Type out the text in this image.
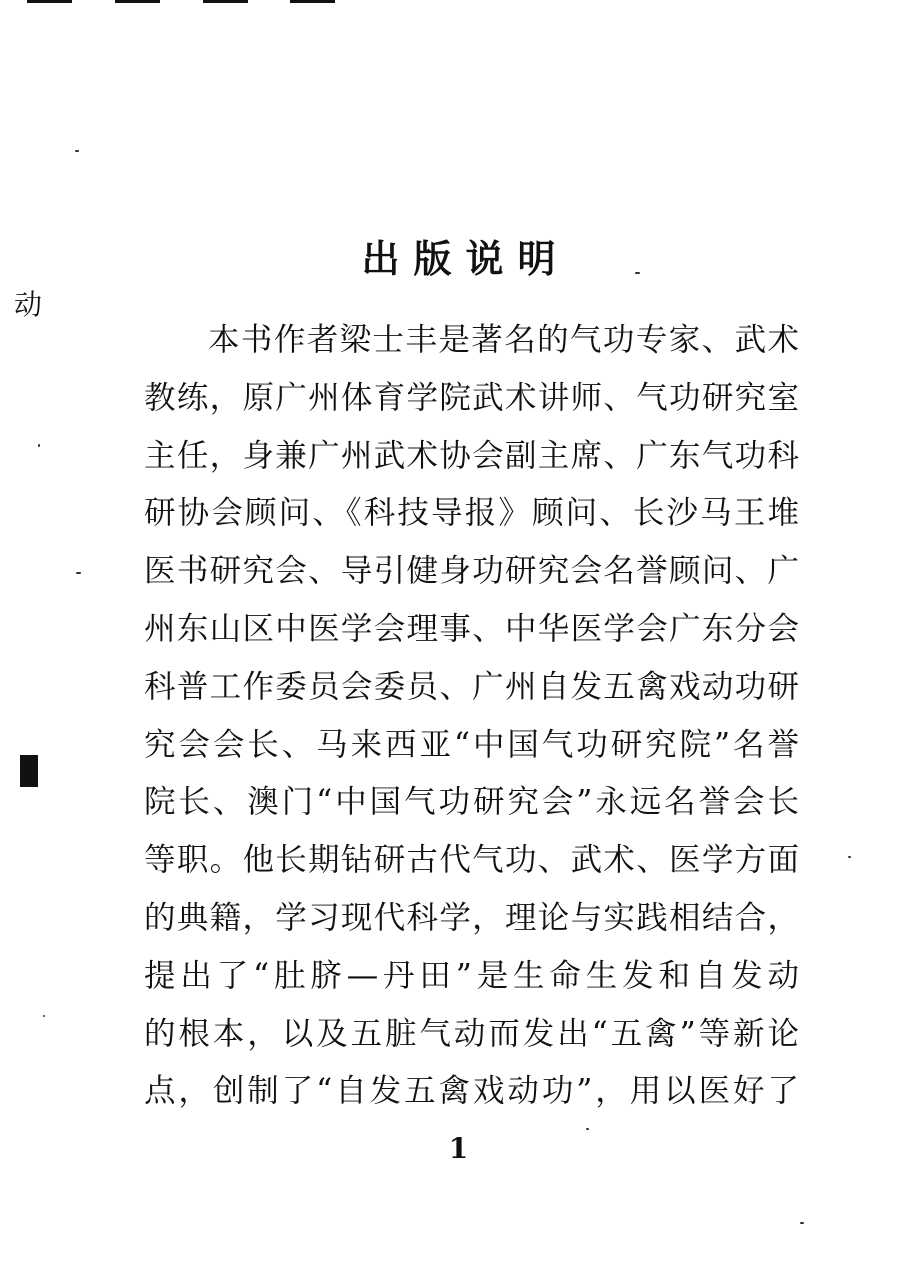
动
出版说明
本书作者梁士丰是著名的气功专家、武术
教练，原广州体育学院武术讲师、气功研究室
主任，身兼广州武术协会副主席、广东气功科
研协会顾问、《科技导报》顾问、长沙马王堆
医书研究会、导引健身功研究会名誉顾问、广
州东山区中医学会理事、中华医学会广东分会
科普工作委员会委员、广州自发五禽戏动功研
究会会长、马来西亚“中国气功研究院”名誉
院长、澳门“中国气功研究会”永远名誉会长
等职。他长期钻研古代气功、武术、医学方面
的典籍，学习现代科学，理论与实践相结合，
提出了“肚脐—丹田”是生命生发和自发动
的根本，以及五脏气动而发出“五禽”等新论
点，创制了“自发五禽戏动功”，用以医好了
1
